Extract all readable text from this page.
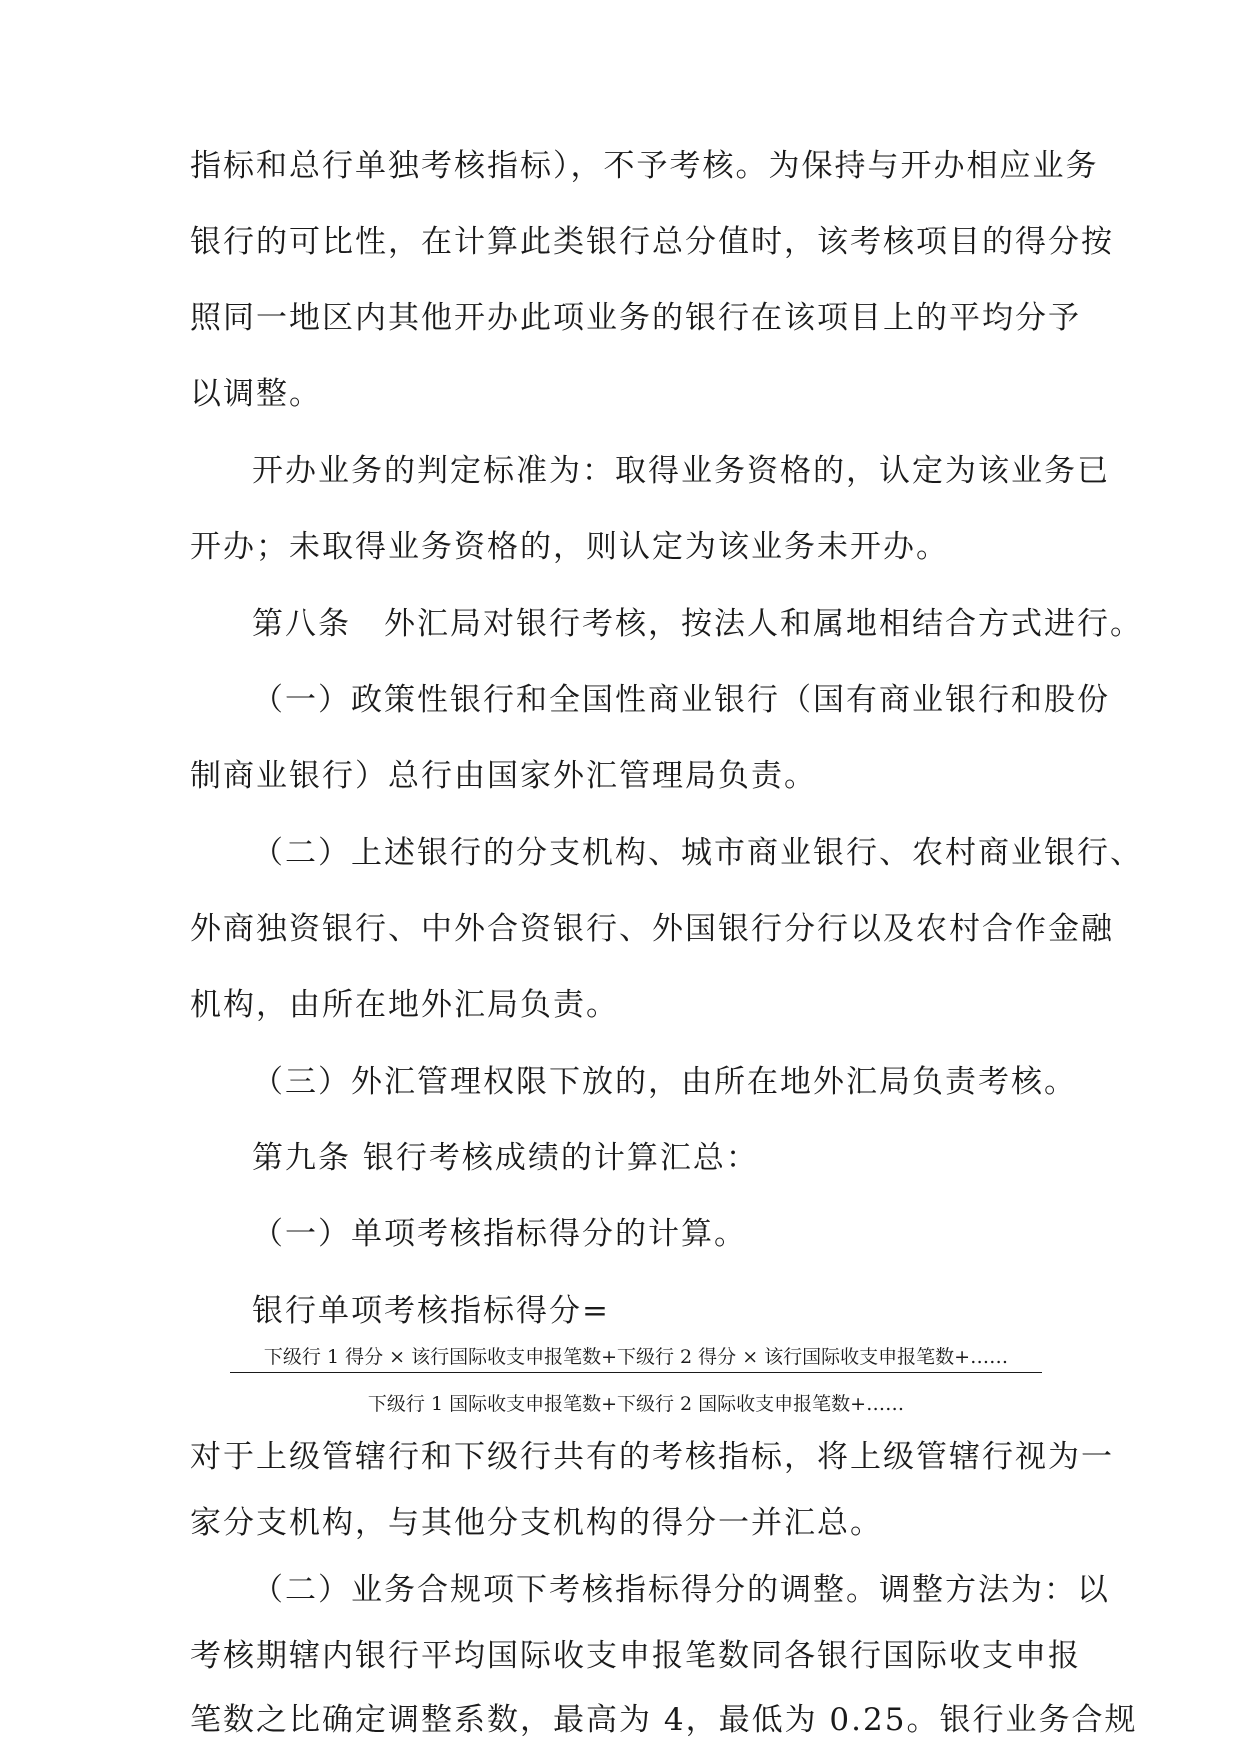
指标和总行单独考核指标），不予考核。为保持与开办相应业务
银行的可比性，在计算此类银行总分值时，该考核项目的得分按
照同一地区内其他开办此项业务的银行在该项目上的平均分予
以调整。
开办业务的判定标准为：取得业务资格的，认定为该业务已
开办；未取得业务资格的，则认定为该业务未开办。
第八条　外汇局对银行考核，按法人和属地相结合方式进行。
（一）政策性银行和全国性商业银行（国有商业银行和股份
制商业银行）总行由国家外汇管理局负责。
（二）上述银行的分支机构、城市商业银行、农村商业银行、
外商独资银行、中外合资银行、外国银行分行以及农村合作金融
机构，由所在地外汇局负责。
（三）外汇管理权限下放的，由所在地外汇局负责考核。
第九条 银行考核成绩的计算汇总：
（一）单项考核指标得分的计算。
银行单项考核指标得分=
下级行 1 得分 × 该行国际收支申报笔数+下级行 2 得分 × 该行国际收支申报笔数+……
下级行 1 国际收支申报笔数+下级行 2 国际收支申报笔数+……
对于上级管辖行和下级行共有的考核指标，将上级管辖行视为一
家分支机构，与其他分支机构的得分一并汇总。
（二）业务合规项下考核指标得分的调整。调整方法为：以
考核期辖内银行平均国际收支申报笔数同各银行国际收支申报
笔数之比确定调整系数，最高为 4，最低为 0.25。银行业务合规
